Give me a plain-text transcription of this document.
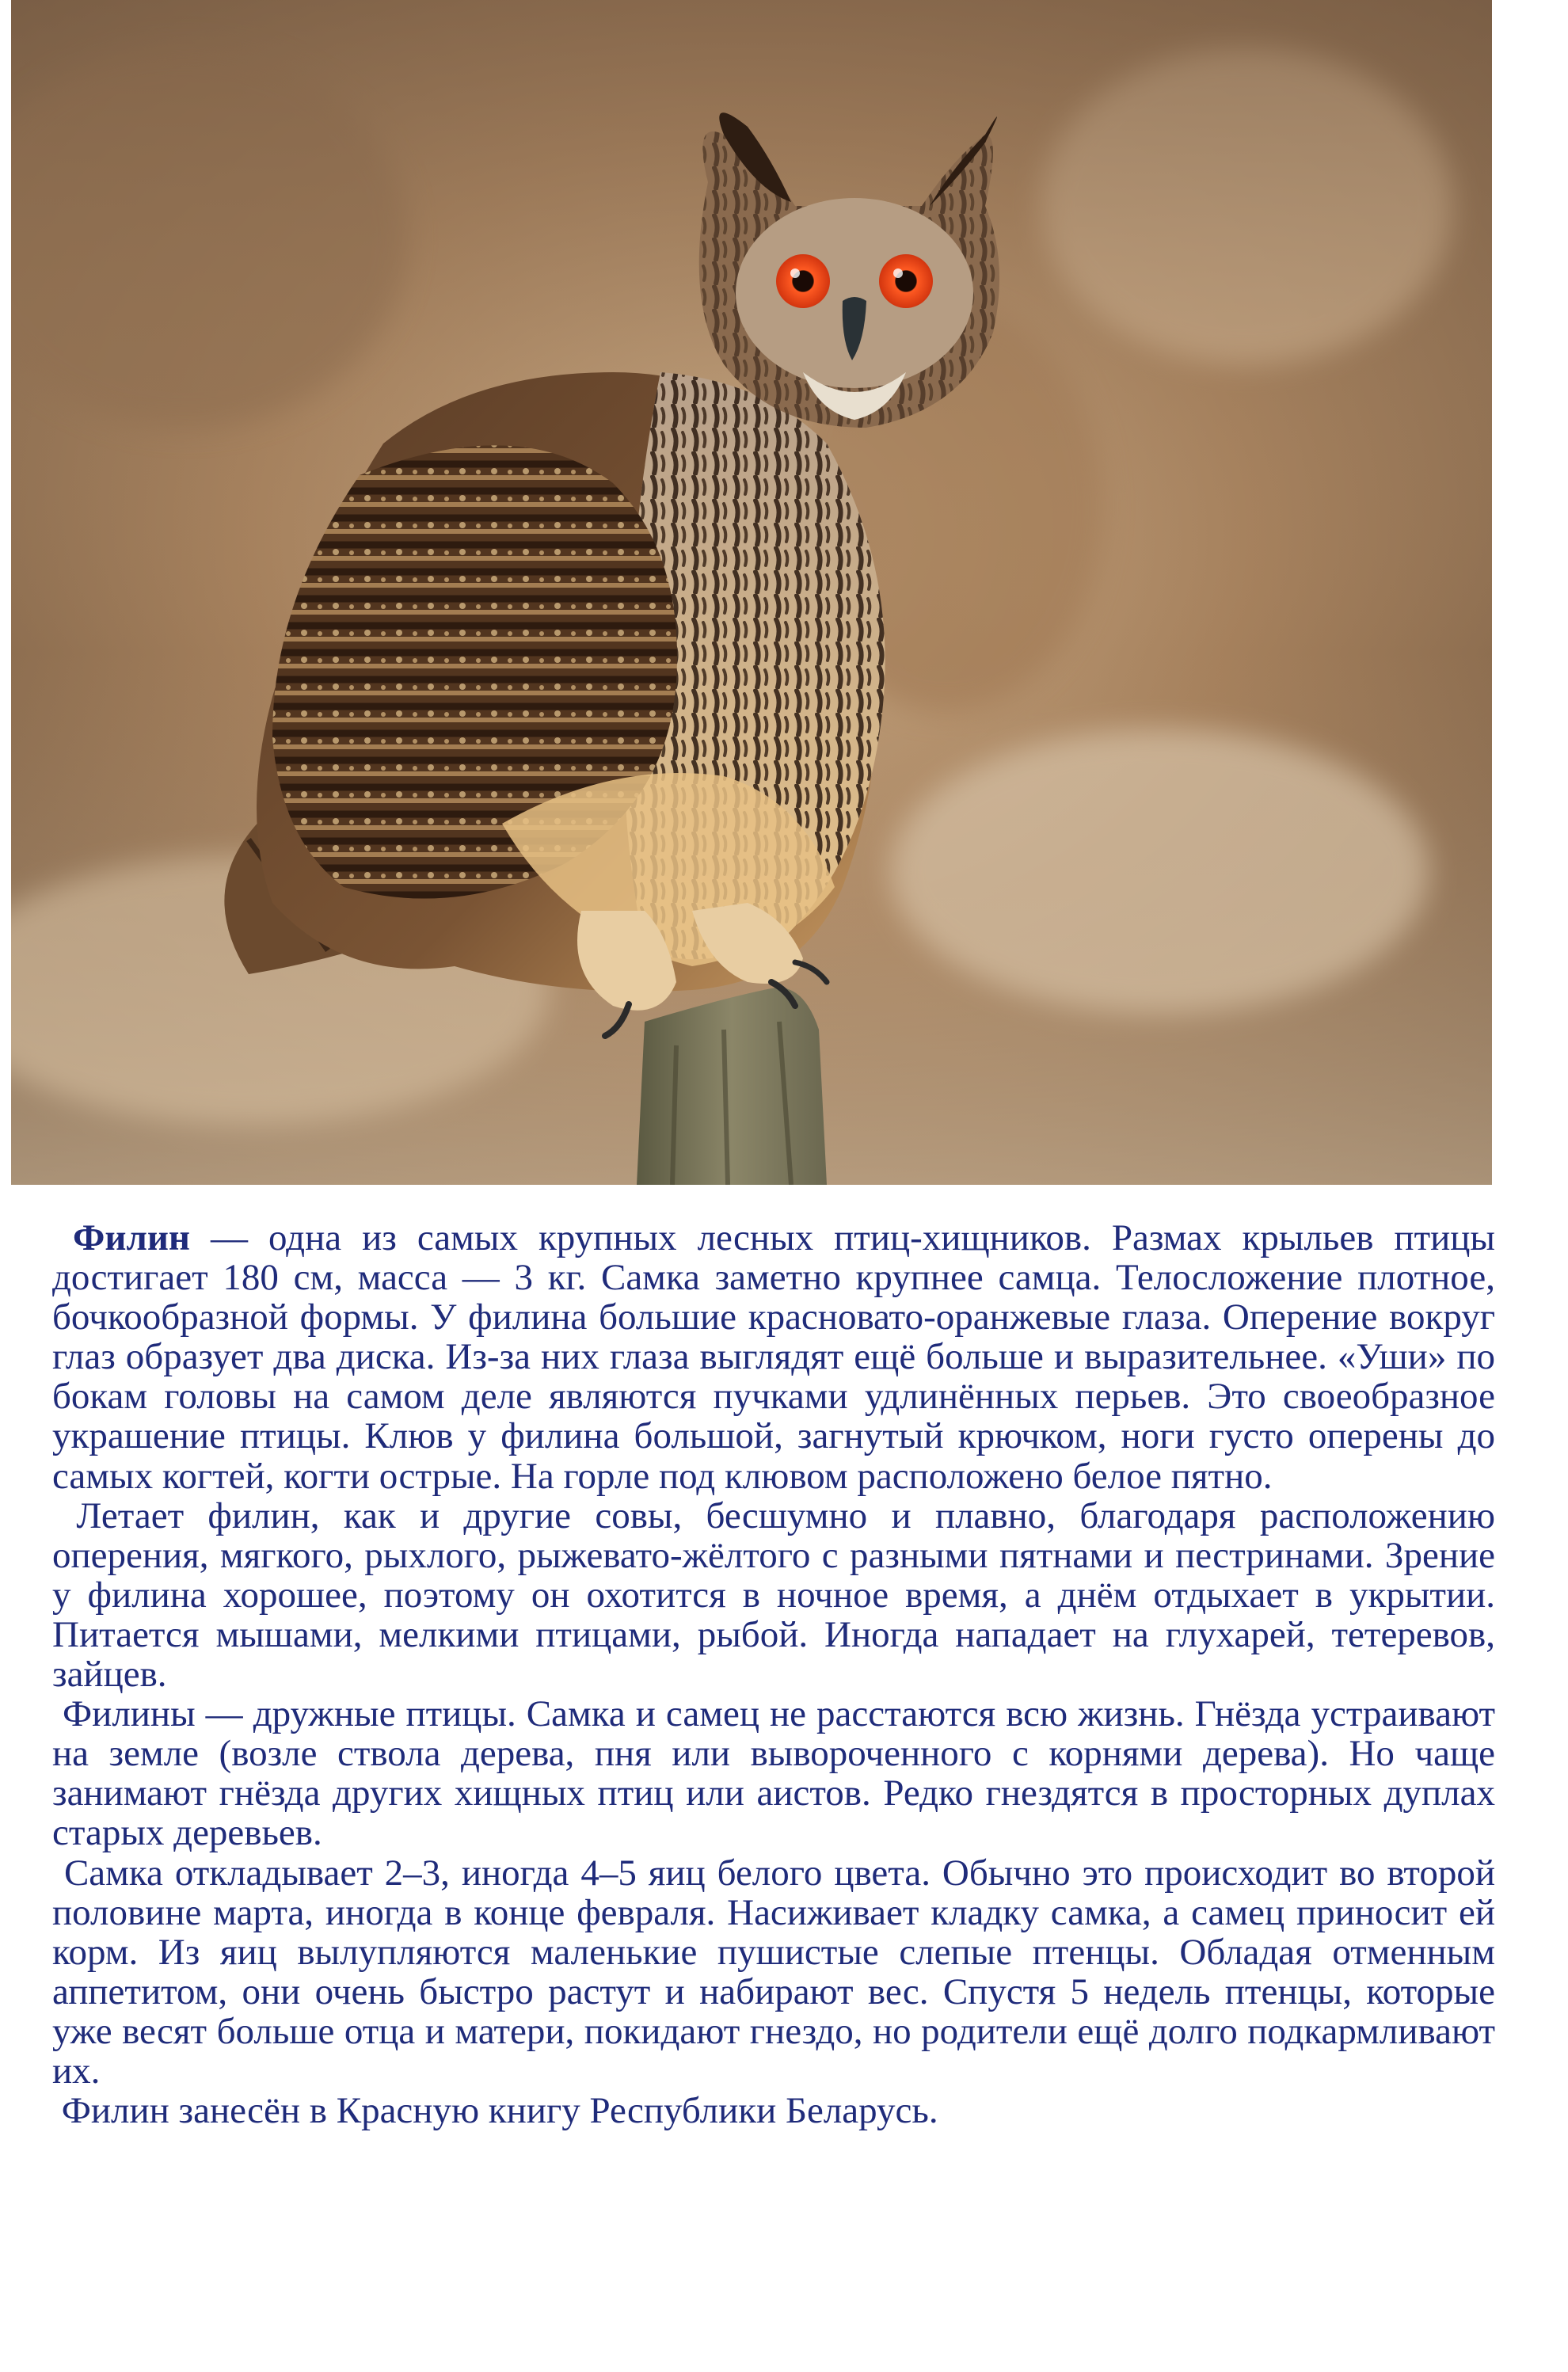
Филин — одна из самых крупных лесных птиц-хищников. Размах крыльев птицы достигает 180 см, масса — 3 кг. Самка заметно крупнее самца. Телосложение плотное, бочкообразной формы. У филина большие красновато-оранжевые глаза. Оперение вокруг глаз образует два диска. Из-за них глаза выглядят ещё больше и выразительнее. «Уши» по бокам головы на самом деле являются пучками удлинённых перьев. Это своеобразное украшение птицы. Клюв у филина большой, загнутый крючком, ноги густо оперены до самых когтей, когти острые. На горле под клювом расположено белое пятно.

Летает филин, как и другие совы, бесшумно и плавно, благодаря расположению оперения, мягкого, рыхлого, рыжевато-жёлтого с разными пятнами и пестринами. Зрение у филина хорошее, поэтому он охотится в ночное время, а днём отдыхает в укрытии. Питается мышами, мелкими птицами, рыбой. Иногда нападает на глухарей, тетеревов, зайцев.

Филины — дружные птицы. Самка и самец не расстаются всю жизнь. Гнёзда устраивают на земле (возле ствола дерева, пня или вывороченного с корнями дерева). Но чаще занимают гнёзда других хищных птиц или аистов. Редко гнездятся в просторных дуплах старых деревьев.

Самка откладывает 2–3, иногда 4–5 яиц белого цвета. Обычно это происходит во второй половине марта, иногда в конце февраля. Насиживает кладку самка, а самец приносит ей корм. Из яиц вылупляются маленькие пушистые слепые птенцы. Обладая отменным аппетитом, они очень быстро растут и набирают вес. Спустя 5 недель птенцы, которые уже весят больше отца и матери, покидают гнездо, но родители ещё долго подкармливают их.

Филин занесён в Красную книгу Республики Беларусь.
